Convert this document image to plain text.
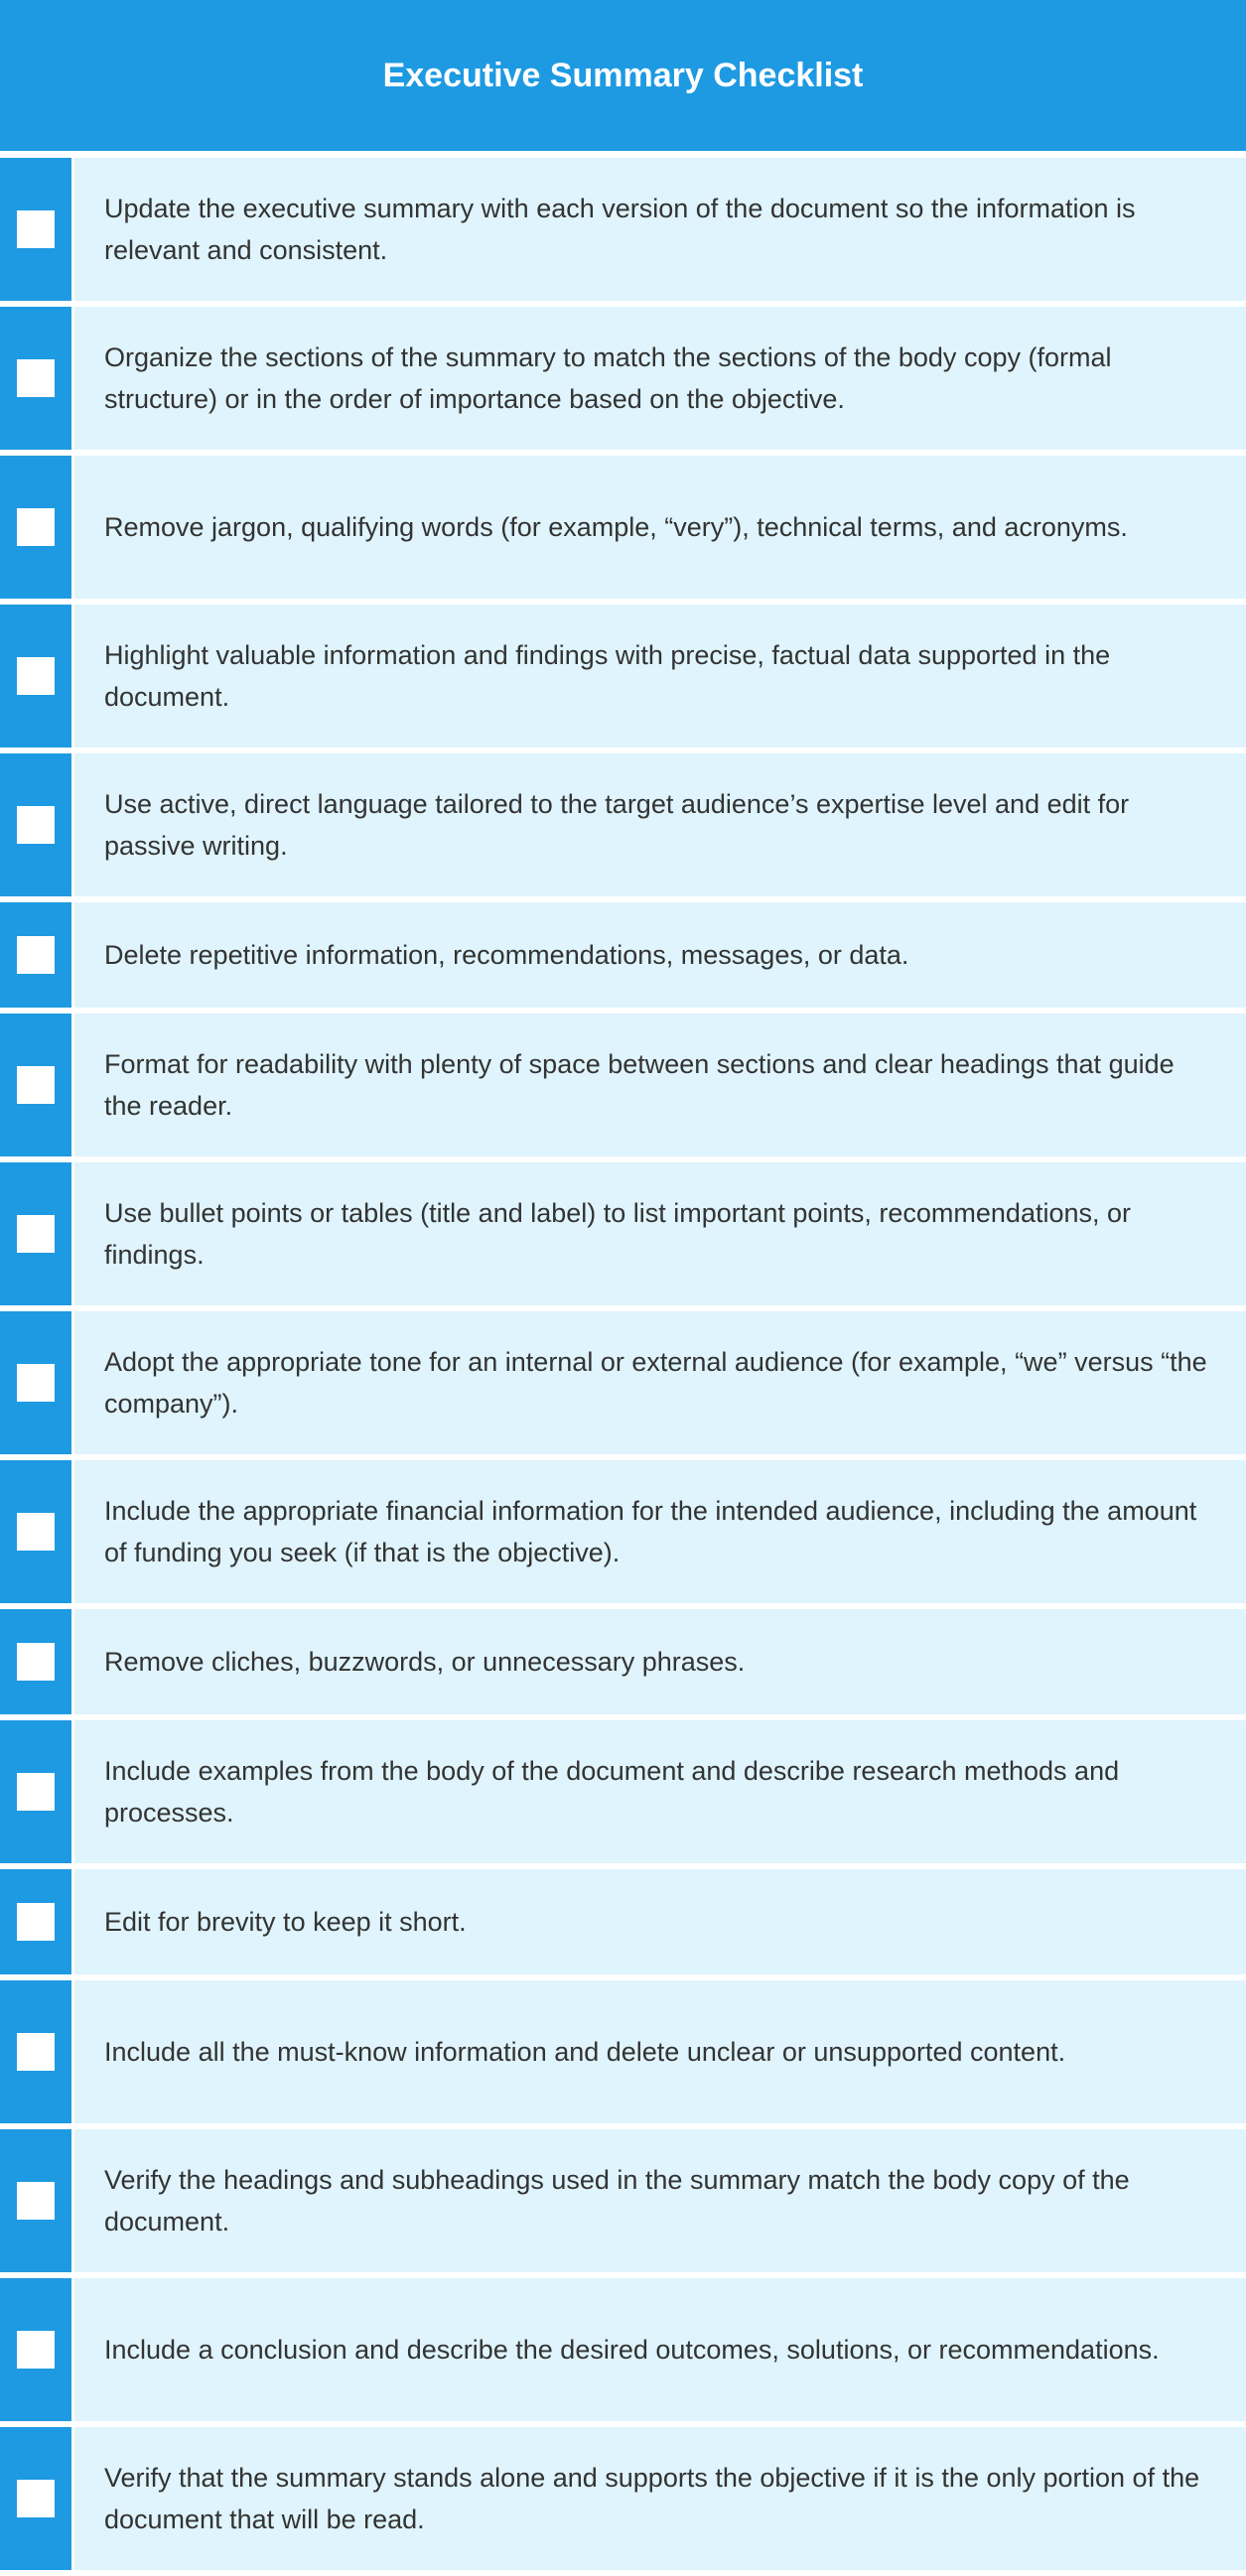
Executive Summary Checklist
Update the executive summary with each version of the document so the information is relevant and consistent.
Organize the sections of the summary to match the sections of the body copy (formal structure) or in the order of importance based on the objective.
Remove jargon, qualifying words (for example, “very”), technical terms, and acronyms.
Highlight valuable information and findings with precise, factual data supported in the document.
Use active, direct language tailored to the target audience’s expertise level and edit for passive writing.
Delete repetitive information, recommendations, messages, or data.
Format for readability with plenty of space between sections and clear headings that guide the reader.
Use bullet points or tables (title and label) to list important points, recommendations, or findings.
Adopt the appropriate tone for an internal or external audience (for example, “we” versus “the company”).
Include the appropriate financial information for the intended audience, including the amount of funding you seek (if that is the objective).
Remove cliches, buzzwords, or unnecessary phrases.
Include examples from the body of the document and describe research methods and processes.
Edit for brevity to keep it short.
Include all the must-know information and delete unclear or unsupported content.
Verify the headings and subheadings used in the summary match the body copy of the document.
Include a conclusion and describe the desired outcomes, solutions, or recommendations.
Verify that the summary stands alone and supports the objective if it is the only portion of the document that will be read.
